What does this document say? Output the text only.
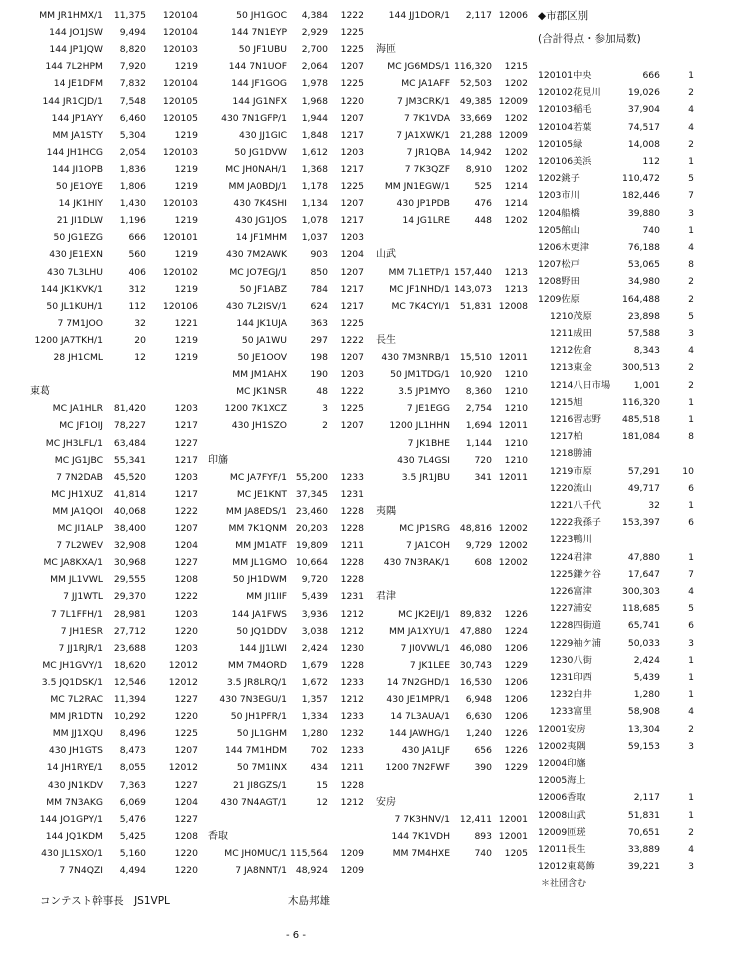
MM JR1HMX/1 11,375 120104
144 JO1JSW 9,494 120104
144 JP1JQW 8,820 120103
144 7L2HPM 7,920	1219
14 JE1DFM 7,832 120104
144 JR1CJD/1 7,548 120105
144 JP1AYY 6,460 120105
MM JA1STY 5,304	1219
144 JH1HCG 2,054 120103
144 JI1OPB 1,836	1219
50 JE1OYE 1,806	1219
14 JK1HIY 1,430 120103
21 JI1DLW 1,196	1219
50 JG1EZG	666 120101
430 JE1EXN	560	1219
430 7L3LHU	406 120102
144 JK1KVK/1	312	1219
50 JL1KUH/1	112 120106
7 7M1JOO	32	1221
1200 JA7TKH/1	20	1219
28 JH1CML	12	1219
東葛
MC JA1HLR 81,420	1203
MC JF1OIJ 78,227	1217
MC JH3LFL/1 63,484	1227
MC JG1JBC 55,341	1217
7 7N2DAB 45,520	1203
MC JH1XUZ 41,814	1217
MM JA1QOI 40,068	1222
MC JI1ALP 38,400	1207
7 7L2WEV 32,908	1204
MC JA8KXA/1 30,968	1227
MM JL1VWL 29,555	1208
7 JJ1WTL 29,370	1222
7 7L1FFH/1 28,981	1203
7 JH1ESR 27,712	1220
7 JJ1RJR/1 23,688	1203
MC JH1GVY/1 18,620 12012
3.5 JQ1DSK/1 12,546 12012
MC 7L2RAC 11,394	1227
MM JR1DTN 10,292	1220
MM JJ1XQU 8,496	1225
430 JH1GTS 8,473	1207
14 JH1RYE/1 8,055 12012
430 JN1KDV 7,363	1227
MM 7N3AKG 6,069	1204
144 JO1GPY/1 5,476	1227
144 JQ1KDM 5,425	1208
430 JL1SXO/1 5,160	1220
7 7N4QZI 4,494	1220
50 JH1GOC 4,384 1222
144 7N1EYP 2,929 1225
50 JF1UBU 2,700 1225
144 7N1UOF 2,064 1207
144 JF1GOG 1,978 1225
144 JG1NFX 1,968 1220
430 7N1GFP/1 1,944 1207
430 JJ1GIC 1,848 1217
50 JG1DVW 1,612 1203
MC JH0NAH/1 1,368 1217
MM JA0BDJ/1 1,178 1225
430 7K4SHI 1,134 1207
430 JG1JOS 1,078 1217
14 JF1MHM 1,037 1203
430 7M2AWK	903 1204
MC JO7EGJ/1	850 1207
50 JF1ABZ	784 1217
430 7L2ISV/1	624 1217
144 JK1UJA	363 1225
50 JA1WU	297 1222
50 JE1OOV	198 1207
MM JM1AHX	190 1203
MC JK1NSR	48 1222
1200 7K1XCZ	3 1225
430 JH1SZO	2 1207
印旛
MC JA7FYF/1 55,200 1233
MC JE1KNT 37,345 1231
MM JA8EDS/1 23,460 1228
MM 7K1QNM 20,203 1228
MM JM1ATF 19,809 1211
MM JL1GMO 10,664 1228
50 JH1DWM 9,720 1228
MM JI1IIF 5,439 1231
144 JA1FWS 3,936 1212
50 JQ1DDV 3,038 1212
144 JJ1LWI 2,424 1230
MM 7M4ORD 1,679 1228
3.5 JR8LRQ/1 1,672 1233
430 7N3EGU/1 1,357 1212
50 JH1PFR/1 1,334 1233
50 JL1GHM 1,280 1232
144 7M1HDM	702 1233
50 7M1INX	434 1211
21 JI8GZS/1	15 1228
430 7N4AGT/1	12 1212
香取
MC JH0MUC/1 115,564 1209
7 JA8NNT/1 48,924 1209
144 JJ1DOR/1 2,117 12006
海匝
MC JG6MDS/1 116,320 1215
MC JA1AFF 52,503 1202
7 JM3CRK/1 49,385 12009
7 7K1VDA 33,669 1202
7 JA1XWK/1 21,288 12009
7 JR1QBA 14,942 1202
7 7K3QZF 8,910 1202
MM JN1EGW/1	525 1214
430 JP1PDB	476 1214
14 JG1LRE	448 1202
山武
MM 7L1ETP/1 157,440 1213
MC JF1NHD/1 143,073 1213
MC 7K4CYI/1 51,831 12008
長生
430 7M3NRB/1 15,510 12011
50 JM1TDG/1 10,920 1210
3.5 JP1MYO 8,360 1210
7 JE1EGG 2,754 1210
1200 JL1HHN 1,694 12011
7 JK1BHE 1,144 1210
430 7L4GSI	720 1210
3.5 JR1JBU	341 12011
夷隅
MC JP1SRG 48,816 12002
7 JA1COH 9,729 12002
430 7N3RAK/1	608 12002
君津
MC JK2EIJ/1 89,832 1226
MM JA1XYU/1 47,880 1224
7 JI0VWL/1 46,080 1206
7 JK1LEE 30,743 1229
14 7N2GHD/1 16,530 1206
430 JE1MPR/1 6,948 1206
14 7L3AUA/1 6,630 1206
144 JAWHG/1 1,240 1226
430 JA1LJF	656 1226
1200 7N2FWF	390 1229
安房
7 7K3HNV/1 12,411 12001
144 7K1VDH	893 12001
MM 7M4HXE	740 1205
120101中央	666	1
120102花見川	19,026	2
120103稲毛	37,904	4
120104若葉	74,517	4
120105緑	14,008	2
120106美浜	112	1
1202銚子	110,472	5
1203市川	182,446	7
1204船橋	39,880	3
1205館山	740	1
1206木更津	76,188	4
1207松戸	53,065	8
1208野田	34,980	2
1209佐原	164,488	2
1210茂原	23,898	5
1211成田	57,588	3
1212佐倉	8,343	4
1213東金	300,513	2
1214八日市場	1,001	2
1215旭	116,320	1
1216習志野 485,518	1
1217柏	181,084	8
1218勝浦
1219市原	57,291 10
1220流山	49,717	6
1221八千代	32	1
1222我孫子 153,397	6
1223鴨川
1224君津	47,880	1
1225鎌ケ谷	17,647	7
1226富津	300,303	4
1227浦安	118,685	5
1228四街道	65,741	6
1229袖ケ浦	50,033	3
1230八街	2,424	1
1231印西	5,439	1
1232白井	1,280	1
1233富里	58,908	4
12001安房	13,304	2
12002夷隅	59,153	3
12004印旛
12005海上
12006香取	2,117	1
12008山武	51,831	1
12009匝瑳	70,651	2
12011長生	33,889	4
12012東葛飾	39,221	3
◆市郡区別
(合計得点・参加局数)
＊社団含む
コンテスト幹事長　JS1VPL	木島邦雄
- 6 -
